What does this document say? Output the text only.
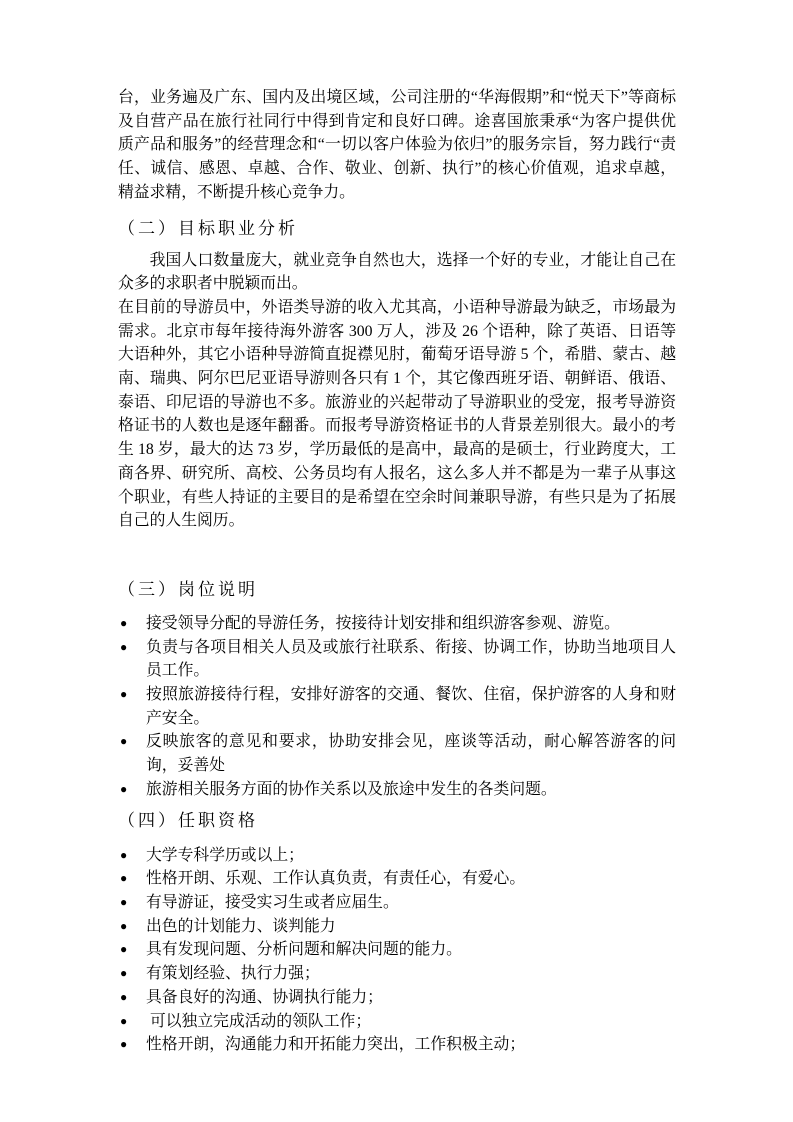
台，业务遍及广东、国内及出境区域，公司注册的“华海假期”和“悦天下”等商标及自营产品在旅行社同行中得到肯定和良好口碑。途喜国旅秉承“为客户提供优质产品和服务”的经营理念和“一切以客户体验为依归”的服务宗旨，努力践行“责任、诚信、感恩、卓越、合作、敬业、创新、执行”的核心价值观，追求卓越，精益求精，不断提升核心竞争力。

（二）目标职业分析

我国人口数量庞大，就业竞争自然也大，选择一个好的专业，才能让自己在众多的求职者中脱颖而出。

在目前的导游员中，外语类导游的收入尤其高，小语种导游最为缺乏，市场最为需求。北京市每年接待海外游客 300 万人，涉及 26 个语种，除了英语、日语等大语种外，其它小语种导游简直捉襟见肘，葡萄牙语导游 5 个，希腊、蒙古、越南、瑞典、阿尔巴尼亚语导游则各只有 1 个，其它像西班牙语、朝鲜语、俄语、泰语、印尼语的导游也不多。旅游业的兴起带动了导游职业的受宠，报考导游资格证书的人数也是逐年翻番。而报考导游资格证书的人背景差别很大。最小的考生 18 岁，最大的达 73 岁，学历最低的是高中，最高的是硕士，行业跨度大，工商各界、研究所、高校、公务员均有人报名，这么多人并不都是为一辈子从事这个职业，有些人持证的主要目的是希望在空余时间兼职导游，有些只是为了拓展自己的人生阅历。

（三）岗位说明
● 接受领导分配的导游任务，按接待计划安排和组织游客参观、游览。
● 负责与各项目相关人员及或旅行社联系、衔接、协调工作，协助当地项目人员工作。
● 按照旅游接待行程，安排好游客的交通、餐饮、住宿，保护游客的人身和财产安全。
● 反映旅客的意见和要求，协助安排会见，座谈等活动，耐心解答游客的问询，妥善处
● 旅游相关服务方面的协作关系以及旅途中发生的各类问题。
（四）任职资格
● 大学专科学历或以上；
● 性格开朗、乐观、工作认真负责，有责任心，有爱心。
● 有导游证，接受实习生或者应届生。
● 出色的计划能力、谈判能力
● 具有发现问题、分析问题和解决问题的能力。
● 有策划经验、执行力强；
● 具备良好的沟通、协调执行能力；
● 可以独立完成活动的领队工作；
● 性格开朗，沟通能力和开拓能力突出，工作积极主动；
